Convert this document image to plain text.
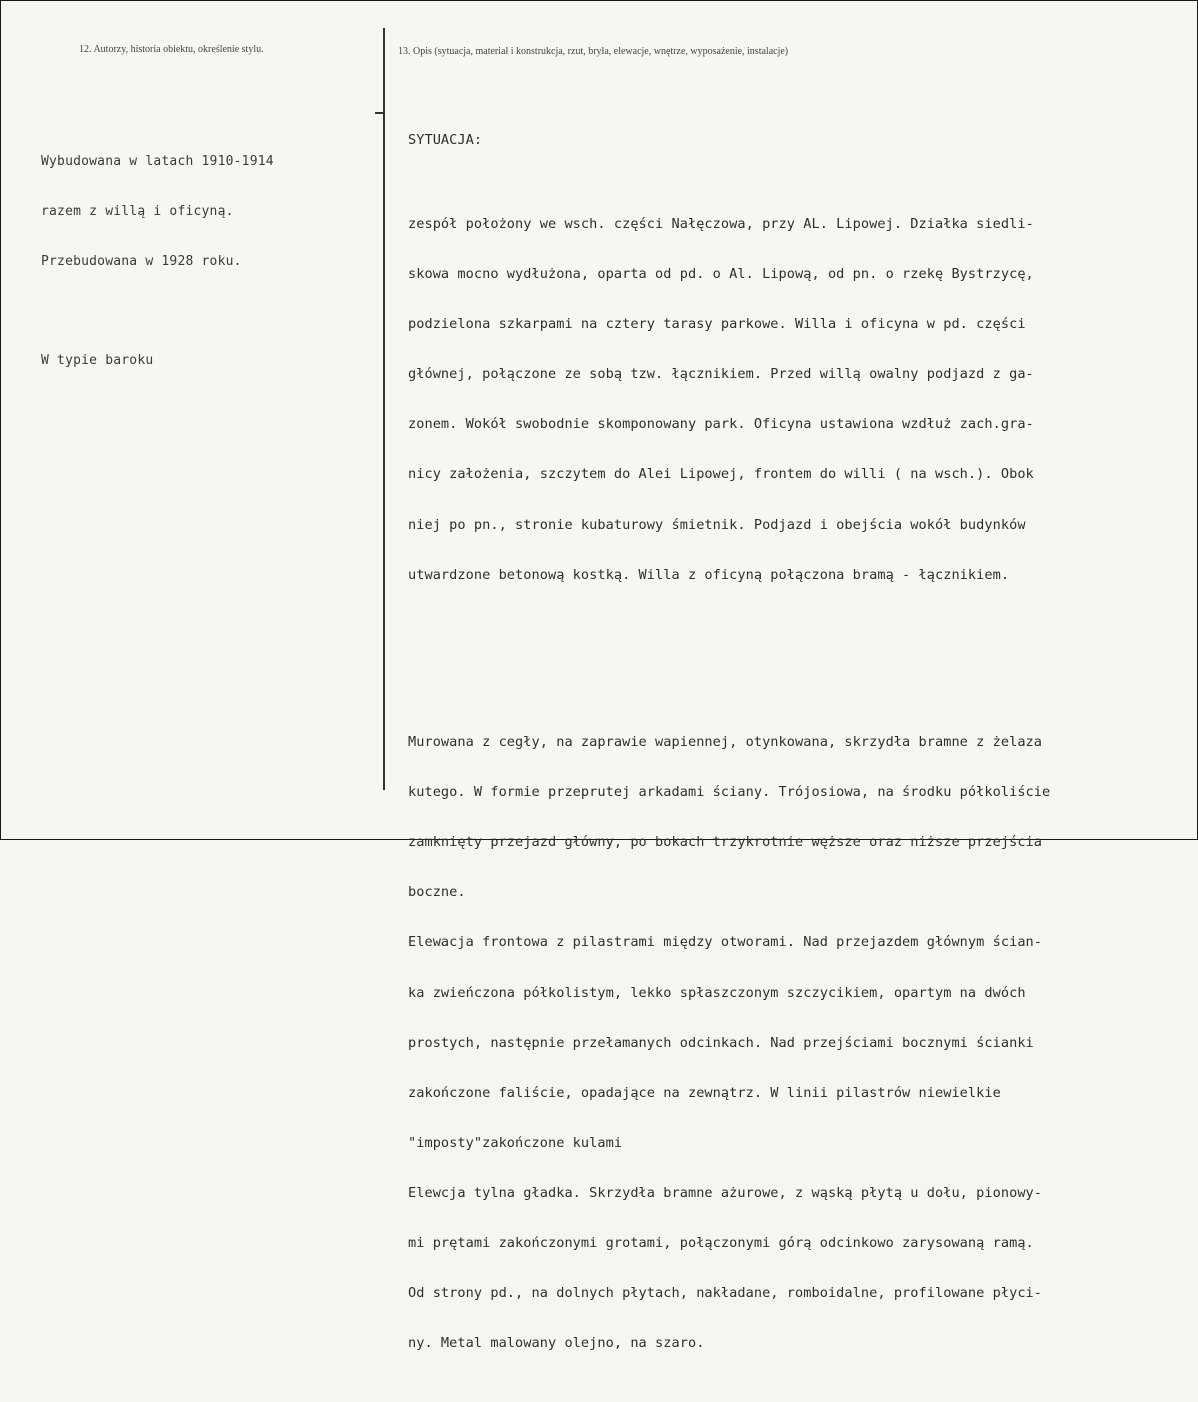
12. Autorzy, historia obiektu, określenie stylu.	13. Opis (sytuacja, materiał i konstrukcja, rzut, bryła, elewacje, wnętrze, wyposażenie, instalacje)

Wybudowana w latach 1910-1914

razem z willą i oficyną.

Przebudowana w 1928 roku.

W typie baroku

SYTUACJA:

zespół położony we wsch. części Nałęczowa, przy AL. Lipowej. Działka siedli-

skowa mocno wydłużona, oparta od pd. o Al. Lipową, od pn. o rzekę Bystrzycę,

podzielona szkarpami na cztery tarasy parkowe. Willa i oficyna w pd. części

głównej, połączone ze sobą tzw. łącznikiem. Przed willą owalny podjazd z ga-

zonem. Wokół swobodnie skomponowany park. Oficyna ustawiona wzdłuż zach.gra-

nicy założenia, szczytem do Alei Lipowej, frontem do willi ( na wsch.). Obok

niej po pn., stronie kubaturowy śmietnik. Podjazd i obejścia wokół budynków

utwardzone betonową kostką. Willa z oficyną połączona bramą - łącznikiem.

Murowana z cegły, na zaprawie wapiennej, otynkowana, skrzydła bramne z żelaza

kutego. W formie przeprutej arkadami ściany. Trójosiowa, na środku półkoliście

zamknięty przejazd główny, po bokach trzykrotnie węższe oraz niższe przejścia

boczne.

Elewacja frontowa z pilastrami między otworami. Nad przejazdem głównym ścian-

ka zwieńczona półkolistym, lekko spłaszczonym szczycikiem, opartym na dwóch

prostych, następnie przełamanych odcinkach. Nad przejściami bocznymi ścianki

zakończone faliście, opadające na zewnątrz. W linii pilastrów niewielkie

"imposty"zakończone kulami

Elewcja tylna gładka. Skrzydła bramne ażurowe, z wąską płytą u dołu, pionowy-

mi prętami zakończonymi grotami, połączonymi górą odcinkowo zarysowaną ramą.

Od strony pd., na dolnych płytach, nakładane, romboidalne, profilowane płyci-

ny. Metal malowany olejno, na szaro.
